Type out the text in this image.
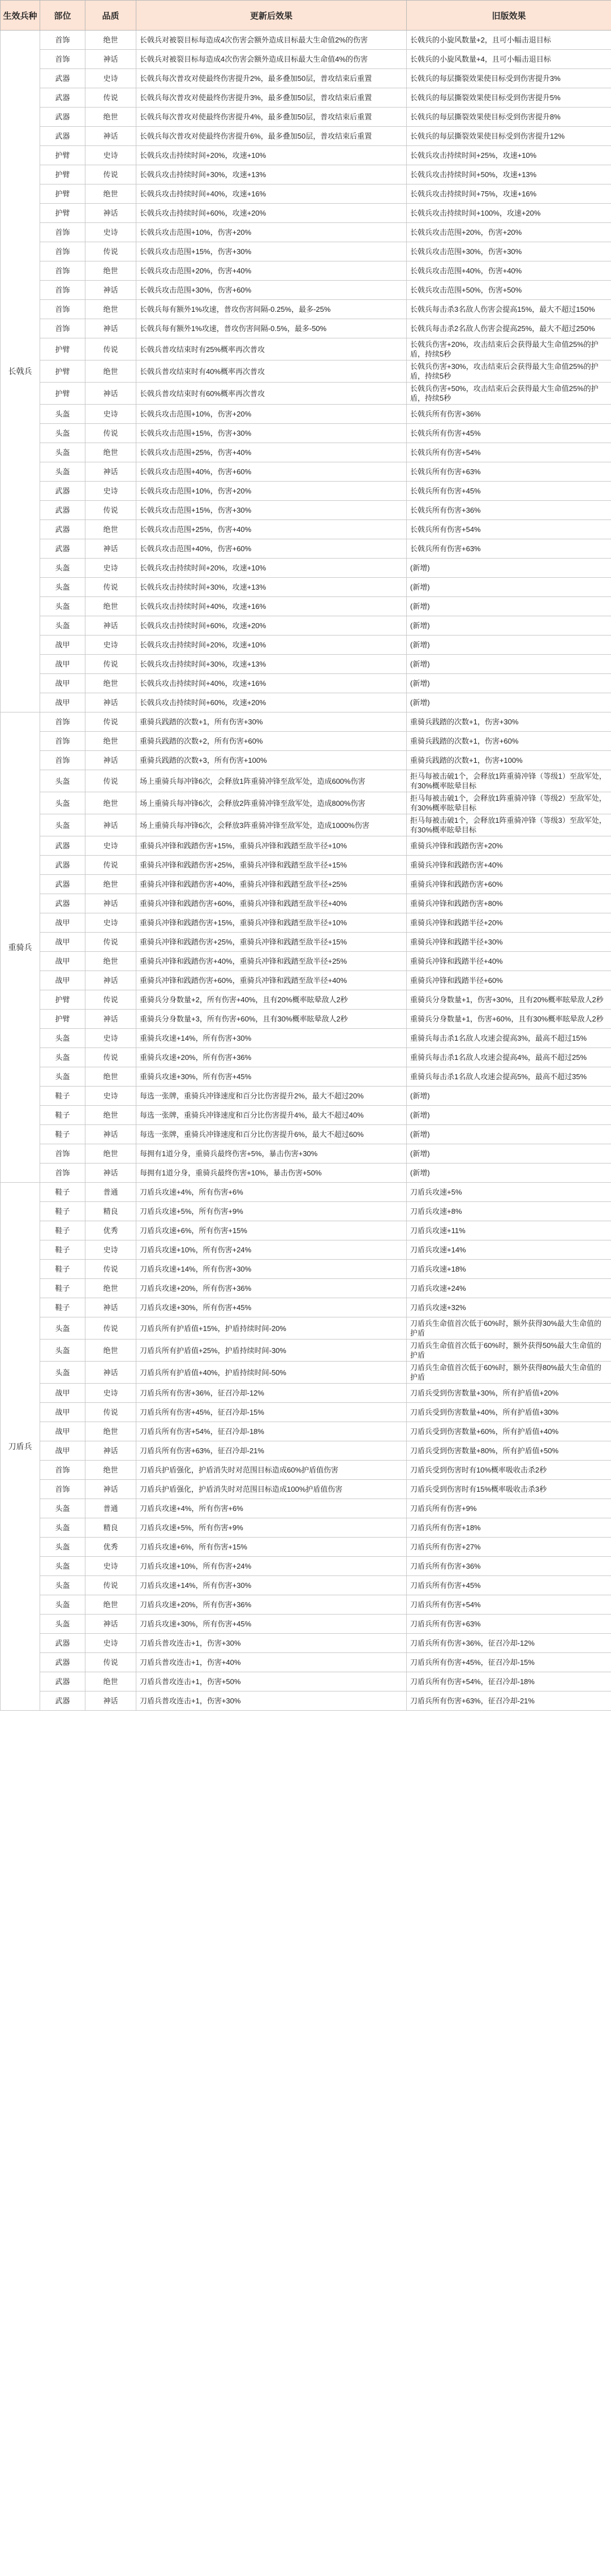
生效兵种	部位	品质	更新后效果	旧版效果
长戟兵	首饰	绝世	长戟兵对被裂目标每造成4次伤害会额外造成目标最大生命值2%的伤害	长戟兵的小旋风数量+2，且可小幅击退目标
	首饰	神话	长戟兵对被裂目标每造成4次伤害会额外造成目标最大生命值4%的伤害	长戟兵的小旋风数量+4，且可小幅击退目标
	武器	史诗	长戟兵每次普攻对使最终伤害提升2%，最多叠加50层，普攻结束后重置	长戟兵的每层撕裂效果使目标受到伤害提升3%
	武器	传说	长戟兵每次普攻对使最终伤害提升3%，最多叠加50层，普攻结束后重置	长戟兵的每层撕裂效果使目标受到伤害提升5%
	武器	绝世	长戟兵每次普攻对使最终伤害提升4%，最多叠加50层，普攻结束后重置	长戟兵的每层撕裂效果使目标受到伤害提升8%
	武器	神话	长戟兵每次普攻对使最终伤害提升6%，最多叠加50层，普攻结束后重置	长戟兵的每层撕裂效果使目标受到伤害提升12%
	护臂	史诗	长戟兵攻击持续时间+20%，攻速+10%	长戟兵攻击持续时间+25%，攻速+10%
	护臂	传说	长戟兵攻击持续时间+30%，攻速+13%	长戟兵攻击持续时间+50%，攻速+13%
	护臂	绝世	长戟兵攻击持续时间+40%，攻速+16%	长戟兵攻击持续时间+75%，攻速+16%
	护臂	神话	长戟兵攻击持续时间+60%，攻速+20%	长戟兵攻击持续时间+100%，攻速+20%
	首饰	史诗	长戟兵攻击范围+10%，伤害+20%	长戟兵攻击范围+20%，伤害+20%
	首饰	传说	长戟兵攻击范围+15%，伤害+30%	长戟兵攻击范围+30%，伤害+30%
	首饰	绝世	长戟兵攻击范围+20%，伤害+40%	长戟兵攻击范围+40%，伤害+40%
	首饰	神话	长戟兵攻击范围+30%，伤害+60%	长戟兵攻击范围+50%，伤害+50%
	首饰	绝世	长戟兵每有额外1%攻速，普攻伤害间隔-0.25%，最多-25%	长戟兵每击杀3名敌人伤害会提高15%，最大不超过150%
	首饰	神话	长戟兵每有额外1%攻速，普攻伤害间隔-0.5%，最多-50%	长戟兵每击杀2名敌人伤害会提高25%，最大不超过250%
	护臂	传说	长戟兵普攻结束时有25%概率再次普攻	长戟兵伤害+20%，攻击结束后会获得最大生命值25%的护盾，持续5秒
	护臂	绝世	长戟兵普攻结束时有40%概率再次普攻	长戟兵伤害+30%，攻击结束后会获得最大生命值25%的护盾，持续5秒
	护臂	神话	长戟兵普攻结束时有60%概率再次普攻	长戟兵伤害+50%，攻击结束后会获得最大生命值25%的护盾，持续5秒
	头盔	史诗	长戟兵攻击范围+10%，伤害+20%	长戟兵所有伤害+36%
	头盔	传说	长戟兵攻击范围+15%，伤害+30%	长戟兵所有伤害+45%
	头盔	绝世	长戟兵攻击范围+25%，伤害+40%	长戟兵所有伤害+54%
	头盔	神话	长戟兵攻击范围+40%，伤害+60%	长戟兵所有伤害+63%
	武器	史诗	长戟兵攻击范围+10%，伤害+20%	长戟兵所有伤害+45%
	武器	传说	长戟兵攻击范围+15%，伤害+30%	长戟兵所有伤害+36%
	武器	绝世	长戟兵攻击范围+25%，伤害+40%	长戟兵所有伤害+54%
	武器	神话	长戟兵攻击范围+40%，伤害+60%	长戟兵所有伤害+63%
	头盔	史诗	长戟兵攻击持续时间+20%，攻速+10%	(新增)
	头盔	传说	长戟兵攻击持续时间+30%，攻速+13%	(新增)
	头盔	绝世	长戟兵攻击持续时间+40%，攻速+16%	(新增)
	头盔	神话	长戟兵攻击持续时间+60%，攻速+20%	(新增)
	战甲	史诗	长戟兵攻击持续时间+20%，攻速+10%	(新增)
	战甲	传说	长戟兵攻击持续时间+30%，攻速+13%	(新增)
	战甲	绝世	长戟兵攻击持续时间+40%，攻速+16%	(新增)
	战甲	神话	长戟兵攻击持续时间+60%，攻速+20%	(新增)
重骑兵	首饰	传说	重骑兵践踏的次数+1，所有伤害+30%	重骑兵践踏的次数+1，伤害+30%
	首饰	绝世	重骑兵践踏的次数+2，所有伤害+60%	重骑兵践踏的次数+1，伤害+60%
	首饰	神话	重骑兵践踏的次数+3，所有伤害+100%	重骑兵践踏的次数+1，伤害+100%
	头盔	传说	场上重骑兵每冲锋6次，会释放1阵重骑冲锋至敌军处，造成600%伤害	拒马每被击破1个，会释放1阵重骑冲锋（等级1）至敌军处，有30%概率眩晕目标
	头盔	绝世	场上重骑兵每冲锋6次，会释放2阵重骑冲锋至敌军处，造成800%伤害	拒马每被击破1个，会释放1阵重骑冲锋（等级2）至敌军处，有30%概率眩晕目标
	头盔	神话	场上重骑兵每冲锋6次，会释放3阵重骑冲锋至敌军处，造成1000%伤害	拒马每被击破1个，会释放1阵重骑冲锋（等级3）至敌军处，有30%概率眩晕目标
	武器	史诗	重骑兵冲锋和践踏伤害+15%，重骑兵冲锋和践踏至敌半径+10%	重骑兵冲锋和践踏伤害+20%
	武器	传说	重骑兵冲锋和践踏伤害+25%，重骑兵冲锋和践踏至敌半径+15%	重骑兵冲锋和践踏伤害+40%
	武器	绝世	重骑兵冲锋和践踏伤害+40%，重骑兵冲锋和践踏至敌半径+25%	重骑兵冲锋和践踏伤害+60%
	武器	神话	重骑兵冲锋和践踏伤害+60%，重骑兵冲锋和践踏至敌半径+40%	重骑兵冲锋和践踏伤害+80%
	战甲	史诗	重骑兵冲锋和践踏伤害+15%，重骑兵冲锋和践踏至敌半径+10%	重骑兵冲锋和践踏半径+20%
	战甲	传说	重骑兵冲锋和践踏伤害+25%，重骑兵冲锋和践踏至敌半径+15%	重骑兵冲锋和践踏半径+30%
	战甲	绝世	重骑兵冲锋和践踏伤害+40%，重骑兵冲锋和践踏至敌半径+25%	重骑兵冲锋和践踏半径+40%
	战甲	神话	重骑兵冲锋和践踏伤害+60%，重骑兵冲锋和践踏至敌半径+40%	重骑兵冲锋和践踏半径+60%
	护臂	传说	重骑兵分身数量+2，所有伤害+40%，且有20%概率眩晕敌人2秒	重骑兵分身数量+1，伤害+30%，且有20%概率眩晕敌人2秒
	护臂	神话	重骑兵分身数量+3，所有伤害+60%，且有30%概率眩晕敌人2秒	重骑兵分身数量+1，伤害+60%，且有30%概率眩晕敌人2秒
	头盔	史诗	重骑兵攻速+14%，所有伤害+30%	重骑兵每击杀1名敌人攻速会提高3%，最高不超过15%
	头盔	传说	重骑兵攻速+20%，所有伤害+36%	重骑兵每击杀1名敌人攻速会提高4%，最高不超过25%
	头盔	绝世	重骑兵攻速+30%，所有伤害+45%	重骑兵每击杀1名敌人攻速会提高5%，最高不超过35%
	鞋子	史诗	每选一张牌，重骑兵冲锋速度和百分比伤害提升2%，最大不超过20%	(新增)
	鞋子	绝世	每选一张牌，重骑兵冲锋速度和百分比伤害提升4%，最大不超过40%	(新增)
	鞋子	神话	每选一张牌，重骑兵冲锋速度和百分比伤害提升6%，最大不超过60%	(新增)
	首饰	绝世	每拥有1道分身，重骑兵最终伤害+5%，暴击伤害+30%	(新增)
	首饰	神话	每拥有1道分身，重骑兵最终伤害+10%，暴击伤害+50%	(新增)
刀盾兵	鞋子	普通	刀盾兵攻速+4%，所有伤害+6%	刀盾兵攻速+5%
	鞋子	精良	刀盾兵攻速+5%，所有伤害+9%	刀盾兵攻速+8%
	鞋子	优秀	刀盾兵攻速+6%，所有伤害+15%	刀盾兵攻速+11%
	鞋子	史诗	刀盾兵攻速+10%，所有伤害+24%	刀盾兵攻速+14%
	鞋子	传说	刀盾兵攻速+14%，所有伤害+30%	刀盾兵攻速+18%
	鞋子	绝世	刀盾兵攻速+20%，所有伤害+36%	刀盾兵攻速+24%
	鞋子	神话	刀盾兵攻速+30%，所有伤害+45%	刀盾兵攻速+32%
	头盔	传说	刀盾兵所有护盾值+15%，护盾持续时间-20%	刀盾兵生命值首次低于60%时，额外获得30%最大生命值的护盾
	头盔	绝世	刀盾兵所有护盾值+25%，护盾持续时间-30%	刀盾兵生命值首次低于60%时，额外获得50%最大生命值的护盾
	头盔	神话	刀盾兵所有护盾值+40%，护盾持续时间-50%	刀盾兵生命值首次低于60%时，额外获得80%最大生命值的护盾
	战甲	史诗	刀盾兵所有伤害+36%，征召冷却-12%	刀盾兵受到伤害数量+30%，所有护盾值+20%
	战甲	传说	刀盾兵所有伤害+45%，征召冷却-15%	刀盾兵受到伤害数量+40%，所有护盾值+30%
	战甲	绝世	刀盾兵所有伤害+54%，征召冷却-18%	刀盾兵受到伤害数量+60%，所有护盾值+40%
	战甲	神话	刀盾兵所有伤害+63%，征召冷却-21%	刀盾兵受到伤害数量+80%，所有护盾值+50%
	首饰	绝世	刀盾兵护盾强化，护盾消失时对范围目标造成60%护盾值伤害	刀盾兵受到伤害时有10%概率吸收击杀2秒
	首饰	神话	刀盾兵护盾强化，护盾消失时对范围目标造成100%护盾值伤害	刀盾兵受到伤害时有15%概率吸收击杀3秒
	头盔	普通	刀盾兵攻速+4%，所有伤害+6%	刀盾兵所有伤害+9%
	头盔	精良	刀盾兵攻速+5%，所有伤害+9%	刀盾兵所有伤害+18%
	头盔	优秀	刀盾兵攻速+6%，所有伤害+15%	刀盾兵所有伤害+27%
	头盔	史诗	刀盾兵攻速+10%，所有伤害+24%	刀盾兵所有伤害+36%
	头盔	传说	刀盾兵攻速+14%，所有伤害+30%	刀盾兵所有伤害+45%
	头盔	绝世	刀盾兵攻速+20%，所有伤害+36%	刀盾兵所有伤害+54%
	头盔	神话	刀盾兵攻速+30%，所有伤害+45%	刀盾兵所有伤害+63%
	武器	史诗	刀盾兵普攻连击+1，伤害+30%	刀盾兵所有伤害+36%，征召冷却-12%
	武器	传说	刀盾兵普攻连击+1，伤害+40%	刀盾兵所有伤害+45%，征召冷却-15%
	武器	绝世	刀盾兵普攻连击+1，伤害+50%	刀盾兵所有伤害+54%，征召冷却-18%
	武器	神话	刀盾兵普攻连击+1，伤害+30%	刀盾兵所有伤害+63%，征召冷却-21%
